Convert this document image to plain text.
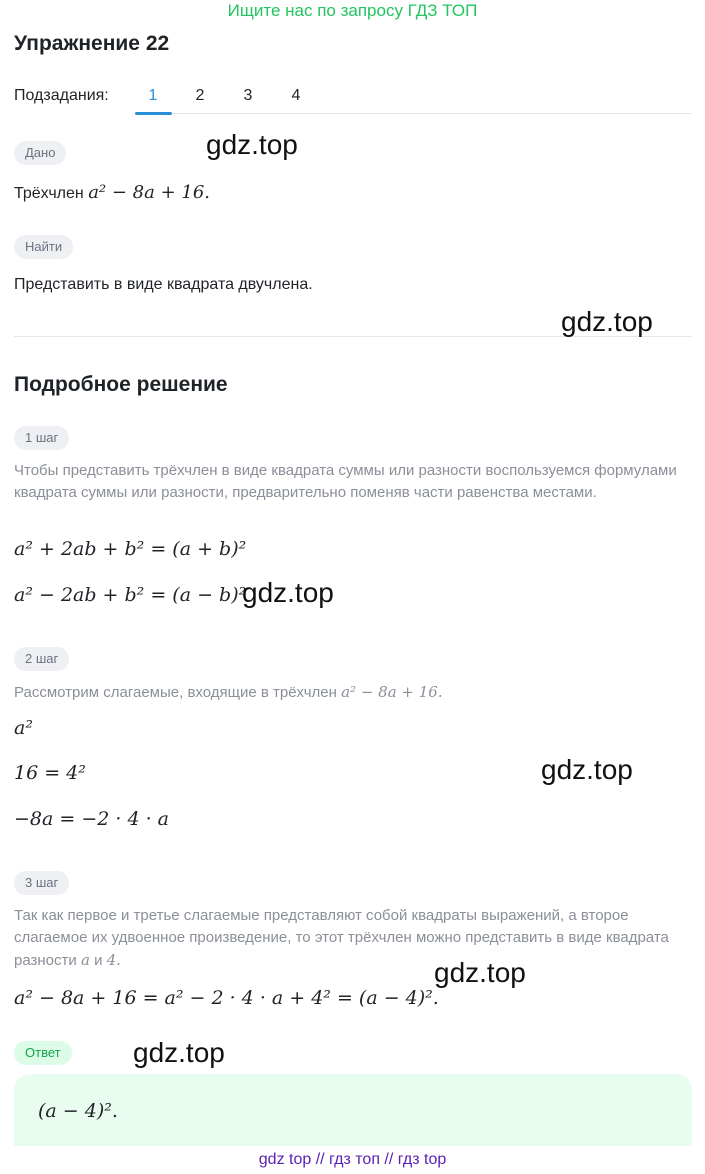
Ищите нас по запросу ГДЗ ТОП
Упражнение 22
Подзадания:	1	2	3	4
Дано
Трёхчлен a² − 8a + 16.
Найти
Представить в виде квадрата двучлена.
Подробное решение
1 шаг
Чтобы представить трёхчлен в виде квадрата суммы или разности воспользуемся формулами квадрата суммы или разности, предварительно поменяв части равенства местами.
a² + 2ab + b² = (a + b)²
a² − 2ab + b² = (a − b)²
2 шаг
Рассмотрим слагаемые, входящие в трёхчлен a² − 8a + 16.
a²
16 = 4²
−8a = −2 · 4 · a
3 шаг
Так как первое и третье слагаемые представляют собой квадраты выражений, а второе слагаемое их удвоенное произведение, то этот трёхчлен можно представить в виде квадрата разности a и 4.
a² − 8a + 16 = a² − 2 · 4 · a + 4² = (a − 4)².
Ответ
(a − 4)².
gdz.top
gdz.top
gdz.top
gdz.top
gdz.top
gdz.top
gdz top // гдз топ // гдз top
